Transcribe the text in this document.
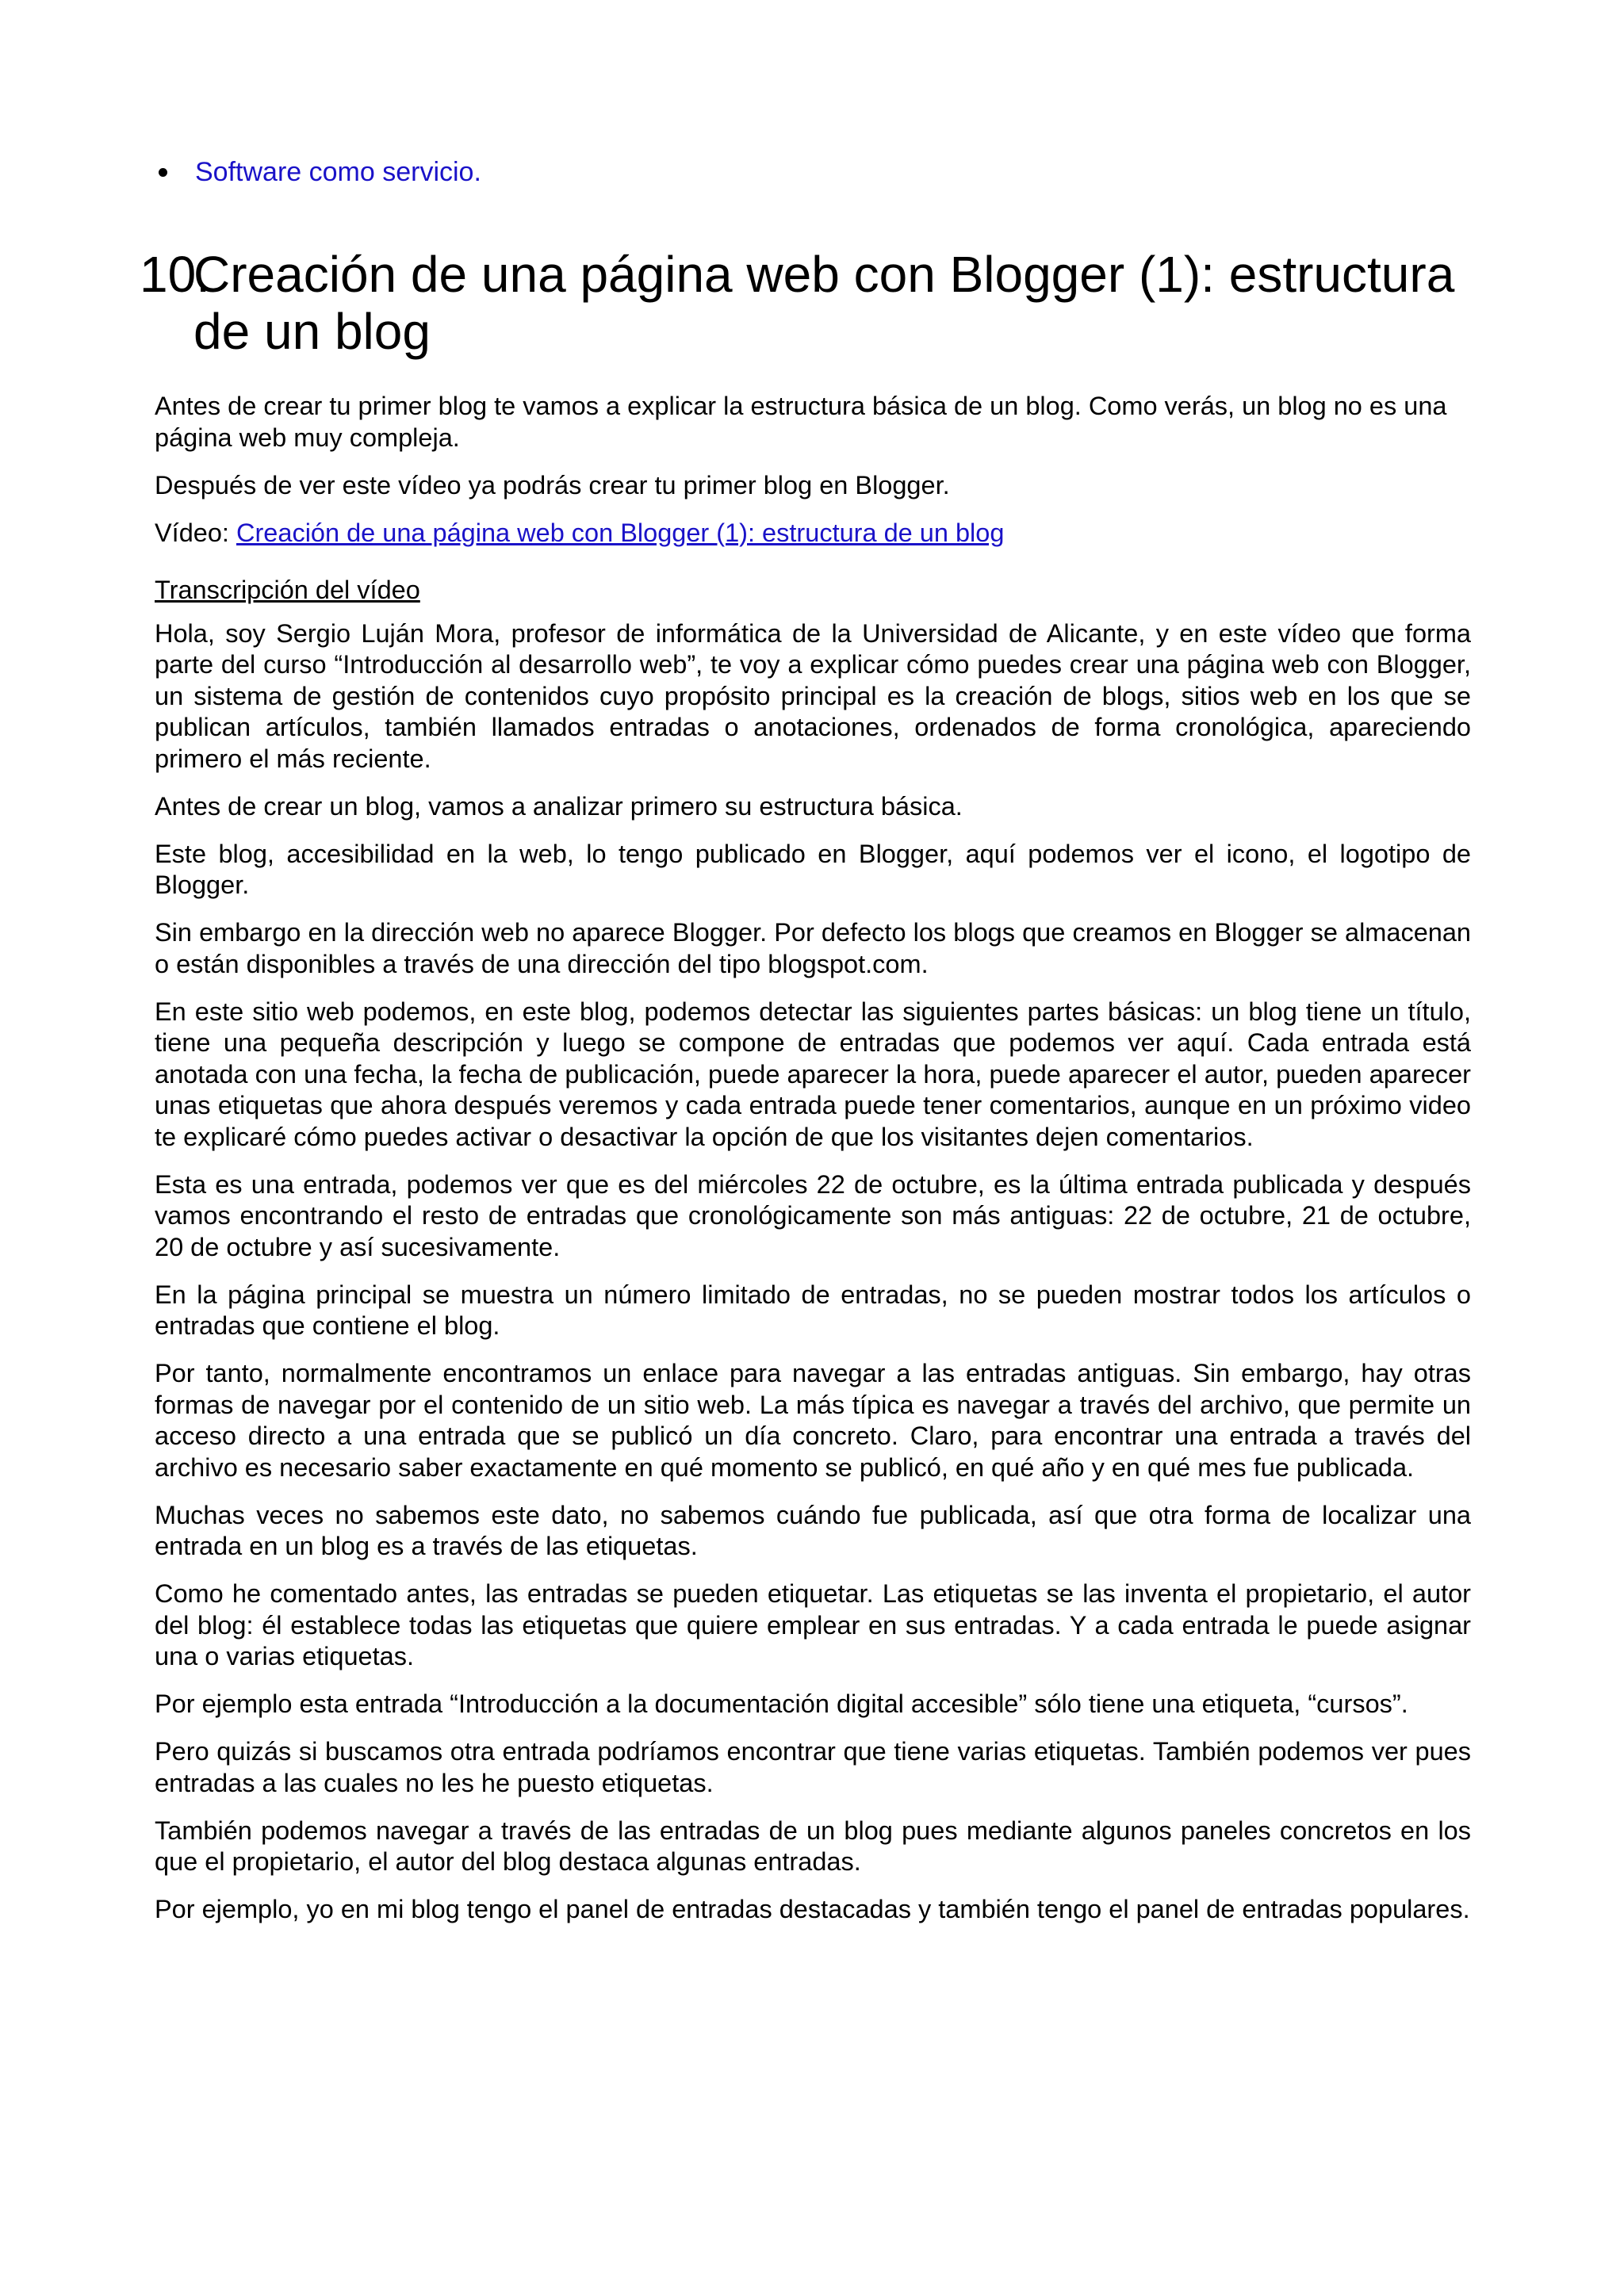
Software como servicio.
10.Creación de una página web con Blogger (1): estructura
de un blog

Antes de crear tu primer blog te vamos a explicar la estructura básica de un blog. Como verás, un blog no es una página web muy compleja.

Después de ver este vídeo ya podrás crear tu primer blog en Blogger.

Vídeo: Creación de una página web con Blogger (1): estructura de un blog

Transcripción del vídeo

Hola, soy Sergio Luján Mora, profesor de informática de la Universidad de Alicante, y en este vídeo que forma parte del curso “Introducción al desarrollo web”, te voy a explicar cómo puedes crear una página web con Blogger, un sistema de gestión de contenidos cuyo propósito principal es la creación de blogs, sitios web en los que se publican artículos, también llamados entradas o anotaciones, ordenados de forma cronológica, apareciendo primero el más reciente.

Antes de crear un blog, vamos a analizar primero su estructura básica.

Este blog, accesibilidad en la web, lo tengo publicado en Blogger, aquí podemos ver el icono, el logotipo de Blogger.

Sin embargo en la dirección web no aparece Blogger. Por defecto los blogs que creamos en Blogger se almacenan o están disponibles a través de una dirección del tipo blogspot.com.

En este sitio web podemos, en este blog, podemos detectar las siguientes partes básicas: un blog tiene un título, tiene una pequeña descripción y luego se compone de entradas que podemos ver aquí. Cada entrada está anotada con una fecha, la fecha de publicación, puede aparecer la hora, puede aparecer el autor, pueden aparecer unas etiquetas que ahora después veremos y cada entrada puede tener comentarios, aunque en un próximo video te explicaré cómo puedes activar o desactivar la opción de que los visitantes dejen comentarios.

Esta es una entrada, podemos ver que es del miércoles 22 de octubre, es la última entrada publicada y después vamos encontrando el resto de entradas que cronológicamente son más antiguas: 22 de octubre, 21 de octubre, 20 de octubre y así sucesivamente.

En la página principal se muestra un número limitado de entradas, no se pueden mostrar todos los artículos o entradas que contiene el blog.

Por tanto, normalmente encontramos un enlace para navegar a las entradas antiguas. Sin embargo, hay otras formas de navegar por el contenido de un sitio web. La más típica es navegar a través del archivo, que permite un acceso directo a una entrada que se publicó un día concreto. Claro, para encontrar una entrada a través del archivo es necesario saber exactamente en qué momento se publicó, en qué año y en qué mes fue publicada.

Muchas veces no sabemos este dato, no sabemos cuándo fue publicada, así que otra forma de localizar una entrada en un blog es a través de las etiquetas.

Como he comentado antes, las entradas se pueden etiquetar. Las etiquetas se las inventa el propietario, el autor del blog: él establece todas las etiquetas que quiere emplear en sus entradas. Y a cada entrada le puede asignar una o varias etiquetas.

Por ejemplo esta entrada “Introducción a la documentación digital accesible” sólo tiene una etiqueta, “cursos”.

Pero quizás si buscamos otra entrada podríamos encontrar que tiene varias etiquetas. También podemos ver pues entradas a las cuales no les he puesto etiquetas.

También podemos navegar a través de las entradas de un blog pues mediante algunos paneles concretos en los que el propietario, el autor del blog destaca algunas entradas.

Por ejemplo, yo en mi blog tengo el panel de entradas destacadas y también tengo el panel de entradas populares.
